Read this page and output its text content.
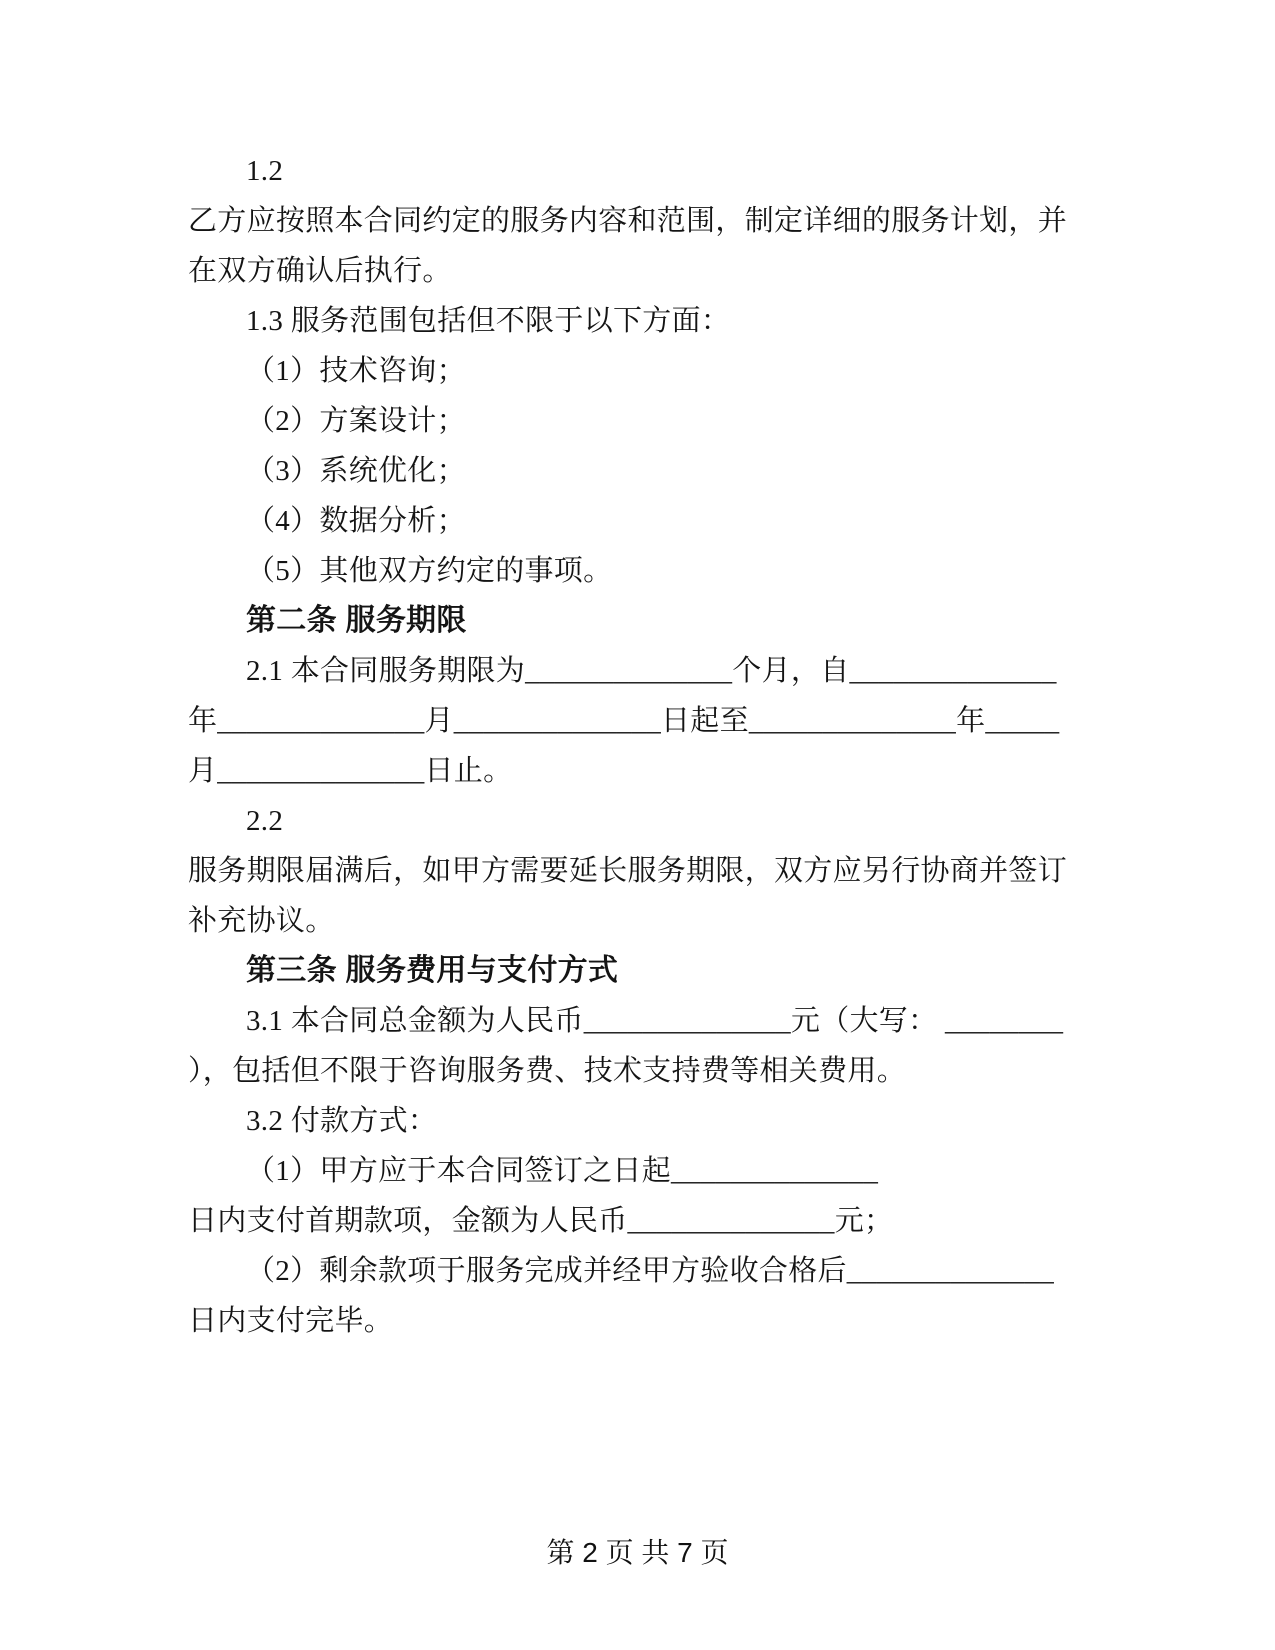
1.2
乙方应按照本合同约定的服务内容和范围，制定详细的服务计划，并
在双方确认后执行。
1.3 服务范围包括但不限于以下方面：
（1）技术咨询；
（2）方案设计；
（3）系统优化；
（4）数据分析；
（5）其他双方约定的事项。
第二条 服务期限
2.1 本合同服务期限为______________个月，自______________
年______________月______________日起至______________年_____
月______________日止。
2.2
服务期限届满后，如甲方需要延长服务期限，双方应另行协商并签订
补充协议。
第三条 服务费用与支付方式
3.1 本合同总金额为人民币______________元（大写： ________
），包括但不限于咨询服务费、技术支持费等相关费用。
3.2 付款方式：
（1）甲方应于本合同签订之日起______________
日内支付首期款项，金额为人民币______________元；
（2）剩余款项于服务完成并经甲方验收合格后______________
日内支付完毕。
第 2 页 共 7 页
